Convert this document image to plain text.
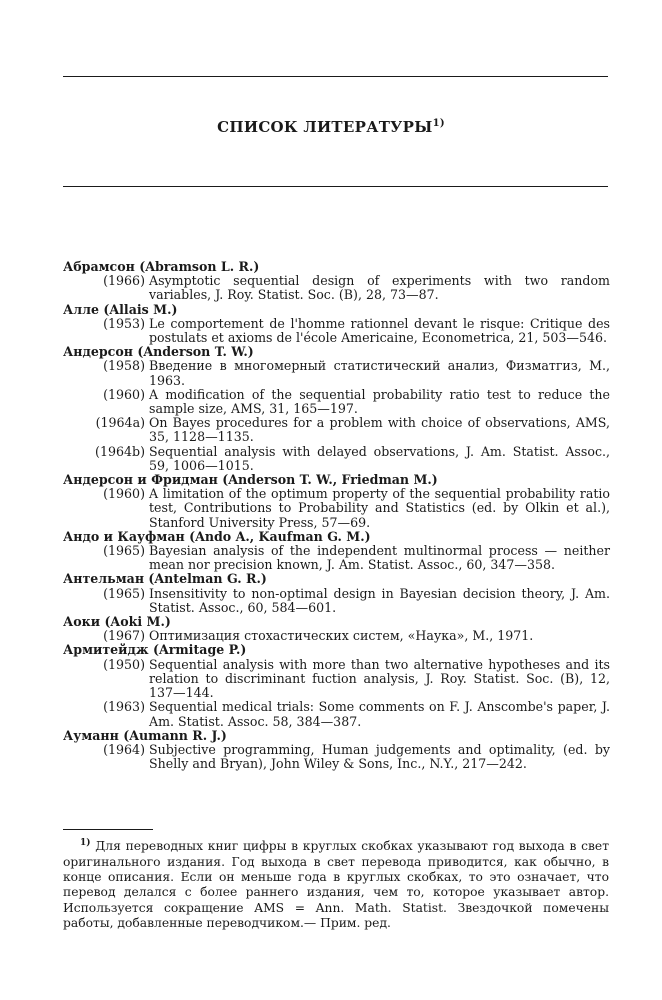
СПИСОК ЛИТЕРАТУРЫ$^{1)}$
Абрамсон (Abramson L. R.)
(1966) Asymptotic sequential design of experiments with two random variables, J. Roy. Statist. Soc. (B), 28, 73—87.
Алле (Allais M.)
(1953) Le comportement de l'homme rationnel devant le risque: Critique des postulats et axioms de l'école Americaine, Econometrica, 21, 503—546.
Андерсон (Anderson T. W.)
(1958) Введение в многомерный статистический анализ, Физматгиз, М., 1963.
(1960) A modification of the sequential probability ratio test to reduce the sample size, AMS, 31, 165—197.
(1964a) On Bayes procedures for a problem with choice of observations, AMS, 35, 1128—1135.
(1964b) Sequential analysis with delayed observations, J. Am. Statist. Assoc., 59, 1006—1015.
Андерсон и Фридман (Anderson T. W., Friedman M.)
(1960) A limitation of the optimum property of the sequential probability ratio test, Contributions to Probability and Statistics (ed. by Olkin et al.), Stanford University Press, 57—69.
Андо и Кауфман (Ando A., Kaufman G. M.)
(1965) Bayesian analysis of the independent multinormal process — neither mean nor precision known, J. Am. Statist. Assoc., 60, 347—358.
Антельман (Antelman G. R.)
(1965) Insensitivity to non-optimal design in Bayesian decision theory, J. Am. Statist. Assoc., 60, 584—601.
Аоки (Aoki M.)
(1967) Оптимизация стохастических систем, «Наука», М., 1971.
Армитейдж (Armitage P.)
(1950) Sequential analysis with more than two alternative hypotheses and its relation to discriminant fuction analysis, J. Roy. Statist. Soc. (B), 12, 137—144.
(1963) Sequential medical trials: Some comments on F. J. Anscombe's paper, J. Am. Statist. Assoc. 58, 384—387.
Ауманн (Aumann R. J.)
(1964) Subjective programming, Human judgements and optimality, (ed. by Shelly and Bryan), John Wiley & Sons, Inc., N.Y., 217—242.
$^{1)}$ Для переводных книг цифры в круглых скобках указывают год выхода в свет оригинального издания. Год выхода в свет перевода приводится, как обычно, в конце описания. Если он меньше года в круглых скобках, то это означает, что перевод делался с более раннего издания, чем то, которое указывает автор. Используется сокращение AMS = Ann. Math. Statist. Звездочкой помечены работы, добавленные переводчиком.— Прим. ред.
